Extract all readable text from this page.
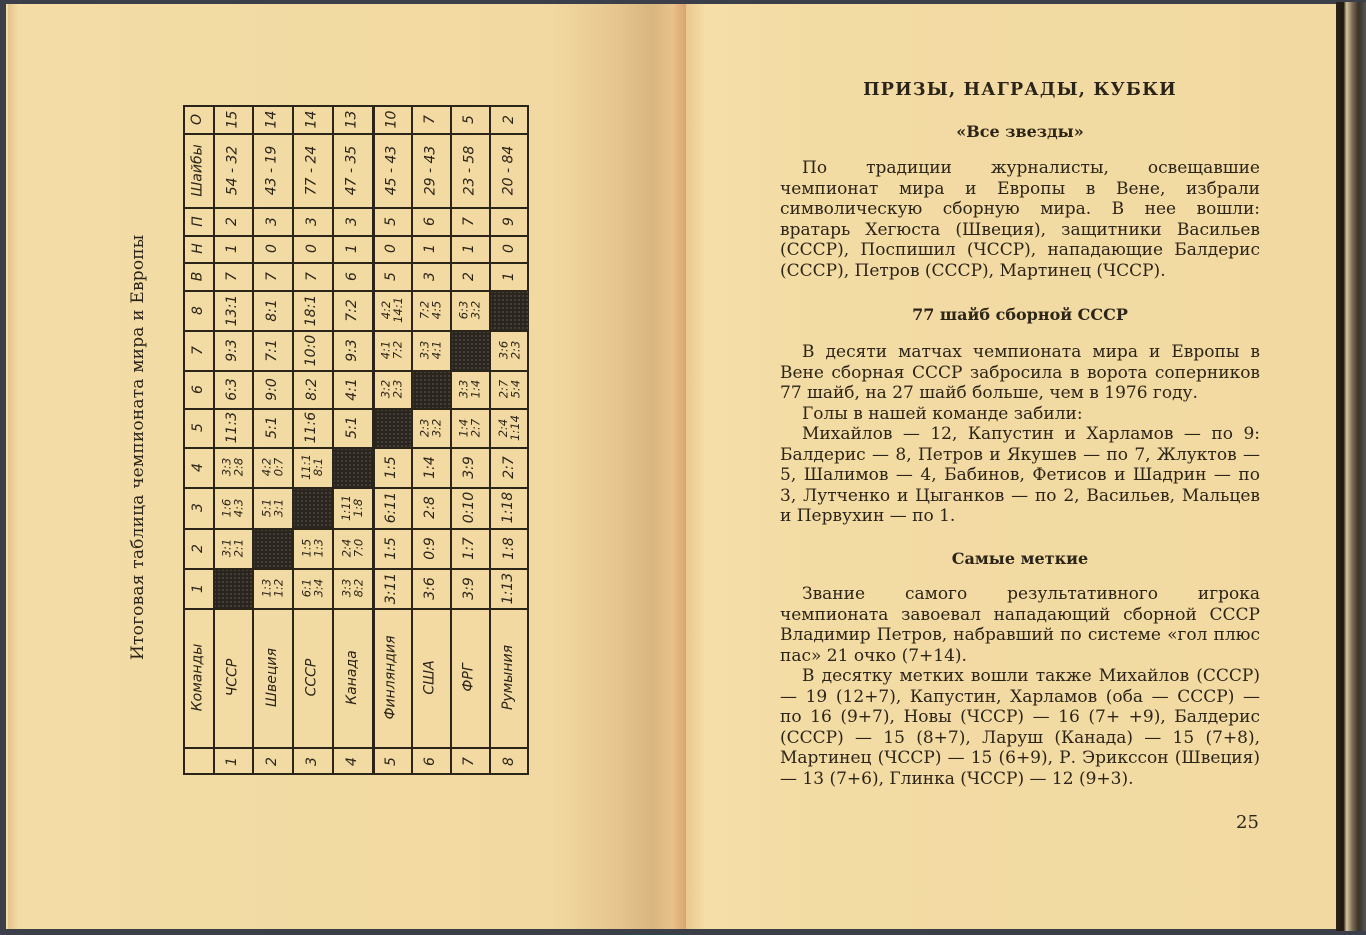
Итоговая таблица чемпионата мира и Европы
О
Шайбы
П
Н
В
8
7
6
5
4
3
2
1
Команды
15
54 - 32
2
1
7
13:1
9:3
6:3
11:3
3:3
2:8
1:6
4:3
3:1
2:1
ЧССР
1
14
43 - 19
3
0
7
8:1
7:1
9:0
5:1
4:2
0:7
5:1
3:1
1:3
1:2
Швеция
2
14
77 - 24
3
0
7
18:1
10:0
8:2
11:6
11:1
8:1
1:5
1:3
6:1
3:4
СССР
3
13
47 - 35
3
1
6
7:2
9:3
4:1
5:1
1:11
1:8
2:4
7:0
3:3
8:2
Канада
4
10
45 - 43
5
0
5
4:2
14:1
4:1
7:2
3:2
2:3
1:5
6:11
1:5
3:11
Финляндия
5
7
29 - 43
6
1
3
7:2
4:5
3:3
4:1
2:3
3:2
1:4
2:8
0:9
3:6
США
6
5
23 - 58
7
1
2
6:3
3:2
3:3
1:4
1:4
2:7
3:9
0:10
1:7
3:9
ФРГ
7
2
20 - 84
9
0
1
3:6
2:3
2:7
5:4
2:4
1:14
2:7
1:18
1:8
1:13
Румыния
8
ПРИЗЫ, НАГРАДЫ, КУБКИ
«Все звезды»

По традиции журналисты, освещавшие чемпионат мира и Европы в Вене, избрали символическую сборную мира. В нее вошли: вратарь Хегюста (Швеция), защитники Васильев (СССР), Поспишил (ЧССР), нападающие Балдерис (СССР), Петров (СССР), Мартинец (ЧССР).

77 шайб сборной СССР

В десяти матчах чемпионата мира и Европы в Вене сборная СССР забросила в ворота соперников 77 шайб, на 27 шайб больше, чем в 1976 году.

Голы в нашей команде забили:

Михайлов — 12, Капустин и Харламов — по 9: Балдерис — 8, Петров и Якушев — по 7, Жлуктов — 5, Шалимов — 4, Бабинов, Фетисов и Шадрин — по 3, Лутченко и Цыганков — по 2, Васильев, Мальцев и Первухин — по 1.

Самые меткие

Звание самого результативного игрока чемпионата завоевал нападающий сборной СССР Владимир Петров, набравший по системе «гол плюс пас» 21 очко (7+14).

В десятку метких вошли также Михайлов (СССР) — 19 (12+7), Капустин, Харламов (оба — СССР) — по 16 (9+7), Новы (ЧССР) — 16 (7+ +9), Балдерис (СССР) — 15 (8+7), Ларуш (Канада) — 15 (7+8), Мартинец (ЧССР) — 15 (6+9), Р. Эрикссон (Швеция) — 13 (7+6), Глинка (ЧССР) — 12 (9+3).

25
